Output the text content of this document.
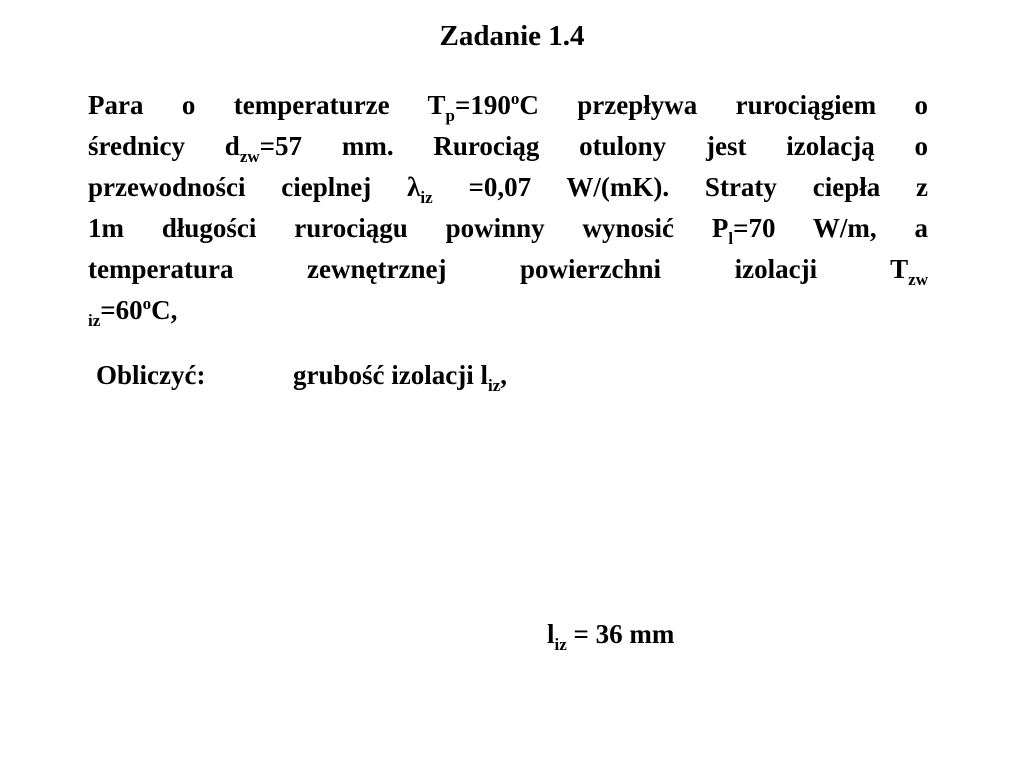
Zadanie 1.4
Para o temperaturze $T_p=190^oC$ przepływa rurociągiem o
średnicy $d_{zw}=57$ mm. Rurociąg otulony jest izolacją o
przewodności cieplnej $\lambda_{iz} =0,07$ W/(mK). Straty ciepła z
1m długości rurociągu powinny wynosić $P_l=70$ W/m, a
temperatura zewnętrznej powierzchni izolacji $T_{zw}$
$_{iz}=60^oC$,
Obliczyć:	grubość izolacji $l_{iz}$,
$l_{iz} = 36$ mm
